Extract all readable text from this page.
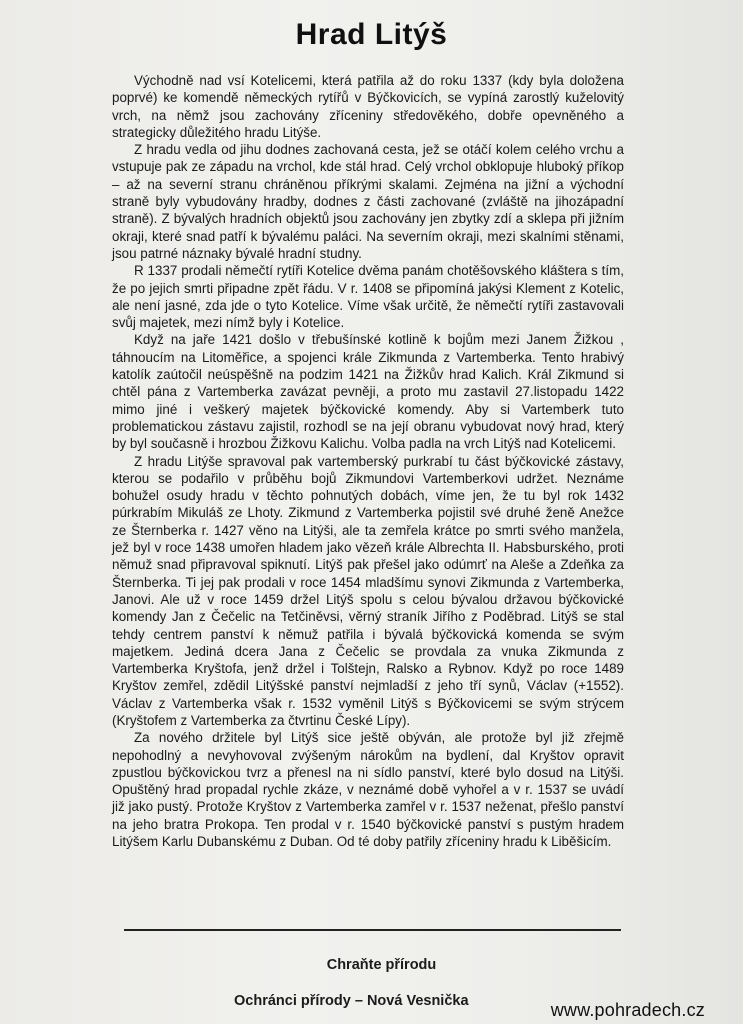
Hrad Litýš

Východně nad vsí Kotelicemi, která patřila až do roku 1337 (kdy byla doložena poprvé) ke komendě německých rytířů v Býčkovicích, se vypíná zarostlý kuželovitý vrch, na němž jsou zachovány zříceniny středověkého, dobře opevněného a strategicky důležitého hradu Litýše.

Z hradu vedla od jihu dodnes zachovaná cesta, jež se otáčí kolem celého vrchu a vstupuje pak ze západu na vrchol, kde stál hrad. Celý vrchol obklopuje hluboký příkop – až na severní stranu chráněnou příkrými skalami. Zejména na jižní a východní straně byly vybudovány hradby, dodnes z části zachované (zvláště na jihozápadní straně). Z bývalých hradních objektů jsou zachovány jen zbytky zdí a sklepa při jižním okraji, které snad patří k bývalému paláci. Na severním okraji, mezi skalními stěnami, jsou patrné náznaky bývalé hradní studny.

R 1337 prodali němečtí rytíři Kotelice dvěma panám chotěšovského kláštera s tím, že po jejich smrti připadne zpět řádu. V r. 1408 se připomíná jakýsi Klement z Kotelic, ale není jasné, zda jde o tyto Kotelice. Víme však určitě, že němečtí rytíři zastavovali svůj majetek, mezi nímž byly i Kotelice.

Když na jaře 1421 došlo v třebušínské kotlině k bojům mezi Janem Žižkou , táhnoucím na Litoměřice, a spojenci krále Zikmunda z Vartemberka. Tento hrabivý katolík zaútočil neúspěšně na podzim 1421 na Žižkův hrad Kalich. Král Zikmund si chtěl pána z Vartemberka zavázat pevněji, a proto mu zastavil 27.listopadu 1422 mimo jiné i veškerý majetek býčkovické komendy. Aby si Vartemberk tuto problematickou zástavu zajistil, rozhodl se na její obranu vybudovat nový hrad, který by byl současně i hrozbou Žižkovu Kalichu. Volba padla na vrch Litýš nad Kotelicemi.

Z hradu Litýše spravoval pak vartemberský purkrabí tu část býčkovické zástavy, kterou se podařilo v průběhu bojů Zikmundovi Vartemberkovi udržet. Neznáme bohužel osudy hradu v těchto pohnutých dobách, víme jen, že tu byl rok 1432 púrkrabím Mikuláš ze Lhoty. Zikmund z Vartemberka pojistil své druhé ženě Anežce ze Šternberka r. 1427 věno na Litýši, ale ta zemřela krátce po smrti svého manžela, jež byl v roce 1438 umořen hladem jako vězeň krále Albrechta II. Habsburského, proti němuž snad připravoval spiknutí. Litýš pak přešel jako odúmrť na Aleše a Zdeňka za Šternberka. Ti jej pak prodali v roce 1454 mladšímu synovi Zikmunda z Vartemberka, Janovi. Ale už v roce 1459 držel Litýš spolu s celou bývalou državou býčkovické komendy Jan z Čečelic na Tetčiněvsi, věrný straník Jiřího z Poděbrad. Litýš se stal tehdy centrem panství k němuž patřila i bývalá býčkovická komenda se svým majetkem. Jediná dcera Jana z Čečelic se provdala za vnuka Zikmunda z Vartemberka Kryštofa, jenž držel i Tolštejn, Ralsko a Rybnov. Když po roce 1489 Kryštov zemřel, zdědil Litýšské panství nejmladší z jeho tří synů, Václav (+1552). Václav z Vartemberka však r. 1532 vyměnil Litýš s Býčkovicemi se svým strýcem (Kryštofem z Vartemberka za čtvrtinu České Lípy).

Za nového držitele byl Litýš sice ještě obýván, ale protože byl již zřejmě nepohodlný a nevyhovoval zvýšeným nárokům na bydlení, dal Kryštov opravit zpustlou býčkovickou tvrz a přenesl na ni sídlo panství, které bylo dosud na Litýši. Opuštěný hrad propadal rychle zkáze, v neznámé době vyhořel a v r. 1537 se uvádí již jako pustý. Protože Kryštov z Vartemberka zamřel v r. 1537 neženat, přešlo panství na jeho bratra Prokopa. Ten prodal v r. 1540 býčkovické panství s pustým hradem Litýšem Karlu Dubanskému z Duban. Od té doby patřily zříceniny hradu k Liběšicím.

Chraňte přírodu
Ochránci přírody – Nová Vesnička	www.pohradech.cz
